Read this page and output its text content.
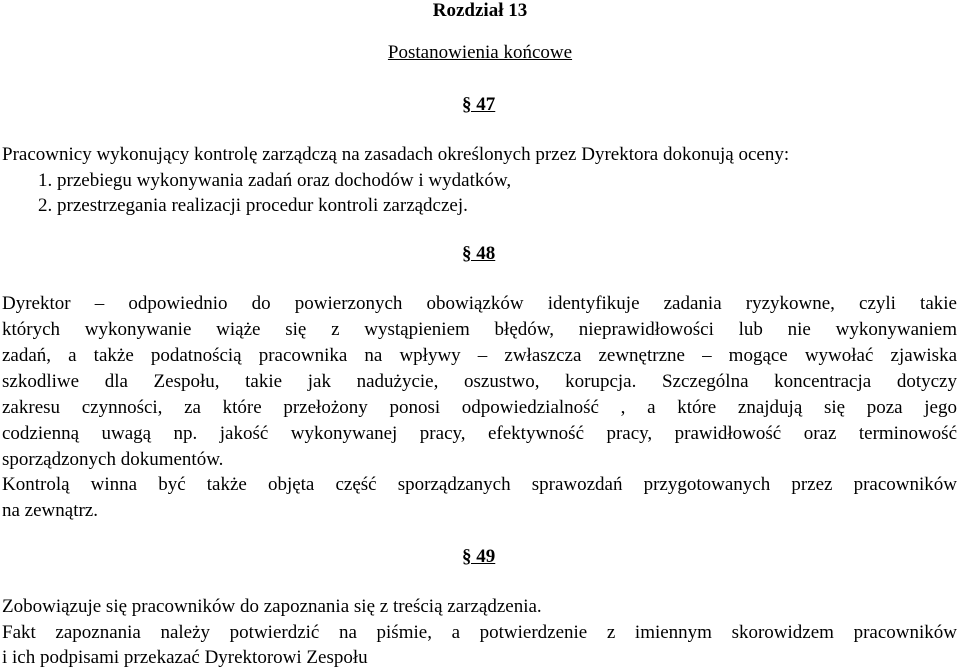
Rozdział 13
Postanowienia końcowe
§ 47
Pracownicy wykonujący kontrolę zarządczą na zasadach określonych przez Dyrektora dokonują oceny:
1. przebiegu wykonywania zadań oraz dochodów i wydatków,
2. przestrzegania realizacji procedur kontroli zarządczej.
§ 48
Dyrektor – odpowiednio do powierzonych obowiązków identyfikuje zadania ryzykowne, czyli takie
których wykonywanie wiąże się z wystąpieniem błędów, nieprawidłowości lub nie wykonywaniem
zadań, a także podatnością pracownika na wpływy – zwłaszcza zewnętrzne – mogące wywołać zjawiska
szkodliwe dla Zespołu, takie jak nadużycie, oszustwo, korupcja. Szczególna koncentracja dotyczy
zakresu czynności, za które przełożony ponosi odpowiedzialność , a które znajdują się poza jego
codzienną uwagą np. jakość wykonywanej pracy, efektywność pracy, prawidłowość oraz terminowość
sporządzonych dokumentów.
Kontrolą winna być także objęta część sporządzanych sprawozdań przygotowanych przez pracowników
na zewnątrz.
§ 49
Zobowiązuje się pracowników do zapoznania się z treścią zarządzenia.
Fakt zapoznania należy potwierdzić na piśmie, a potwierdzenie z imiennym skorowidzem pracowników
i ich podpisami przekazać Dyrektorowi Zespołu
